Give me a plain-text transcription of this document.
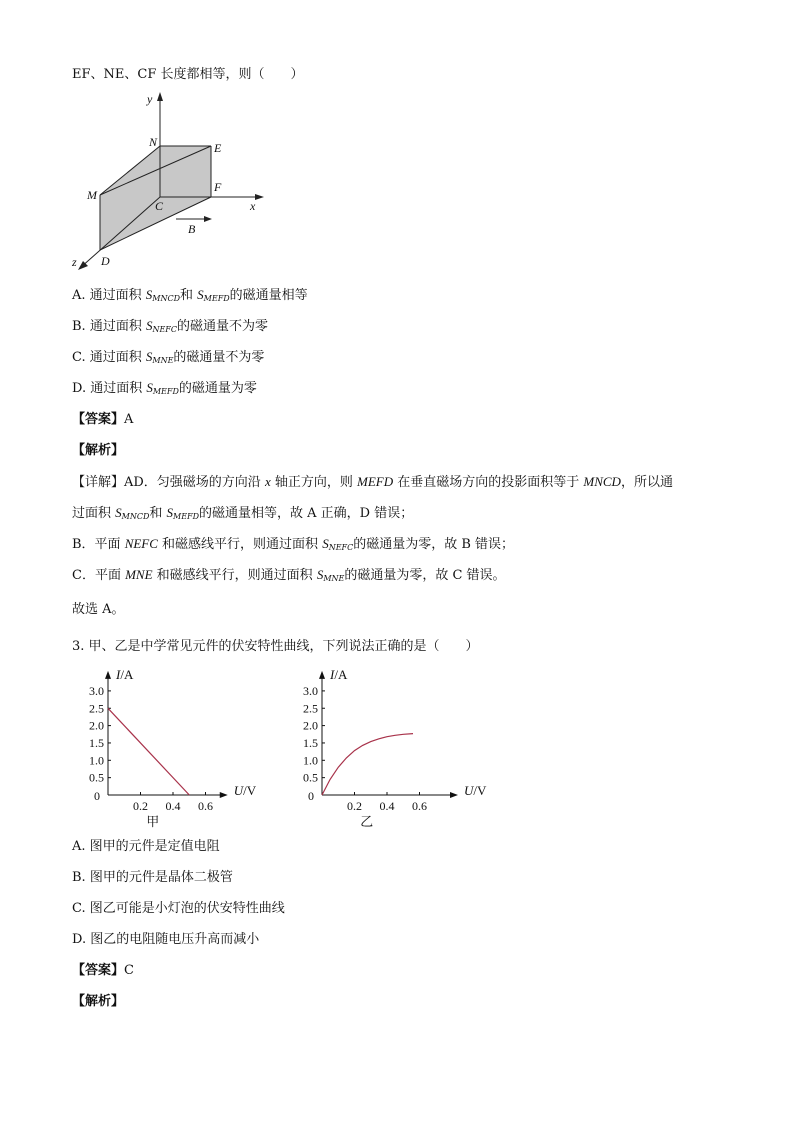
EF、NE、CF 长度都相等，则（　　）
y
x
z
N	E
M
F
C
D
B
A. 通过面积 $S_{MNCD}$和 $S_{MEFD}$的磁通量相等
B. 通过面积 $S_{NEFC}$的磁通量不为零
C. 通过面积 $S_{MNE}$的磁通量不为零
D. 通过面积 $S_{MEFD}$的磁通量为零
【答案】A
【解析】
【详解】AD．匀强磁场的方向沿 x 轴正方向，则 MEFD 在垂直磁场方向的投影面积等于 MNCD，所以通
过面积 $S_{MNCD}$和 $S_{MEFD}$的磁通量相等，故 A 正确，D 错误；
B．平面 NEFC 和磁感线平行，则通过面积 $S_{NEFC}$的磁通量为零，故 B 错误；
C．平面 MNE 和磁感线平行，则通过面积 $S_{MNE}$的磁通量为零，故 C 错误。
故选 A。
3. 甲、乙是中学常见元件的伏安特性曲线，下列说法正确的是（　　）
0.5
1.0
1.5
2.0
2.5
3.0
0.2 0.4 0.6
0
I/A
U/V
甲
0.5
1.0
1.5
2.0
2.5
3.0
0.2 0.4 0.6
0
I/A
U/V
乙
A. 图甲的元件是定值电阻
B. 图甲的元件是晶体二极管
C. 图乙可能是小灯泡的伏安特性曲线
D. 图乙的电阻随电压升高而减小
【答案】C
【解析】
